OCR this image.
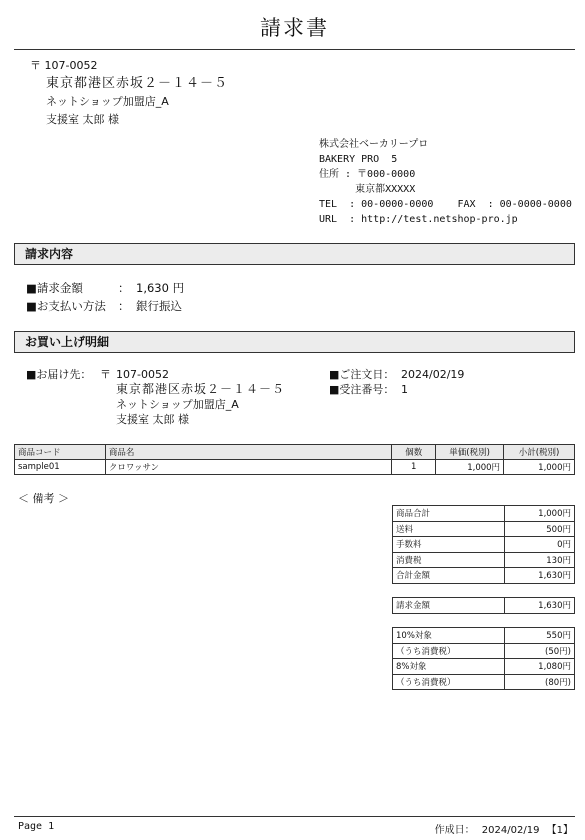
請求書
〒 107-0052
東京都港区赤坂２－１４－５
ネットショップ加盟店_A
支援室 太郎 様
株式会社ベーカリープロ
BAKERY PRO  5
住所 : 〒000-0000
東京都XXXXX
TEL  : 00-0000-0000    FAX  : 00-0000-0000
URL  : http://test.netshop-pro.jp
請求内容
■請求金額	： 1,630 円
■お支払い方法	： 銀行振込
お買い上げ明細
■お届け先： 〒 107-0052
東京都港区赤坂２－１４－５
ネットショップ加盟店_A
支援室 太郎 様
■ご注文日： 2024/02/19
■受注番号： 1
商品コード	商品名	個数	単価(税別)	小計(税別)
sample01	クロワッサン	1	1,000円	1,000円
＜ 備考 ＞
商品合計	1,000円
送料	500円
手数料	0円
消費税	130円
合計金額	1,630円
請求金額	1,630円
10%対象	550円
（うち消費税）	(50円)
8%対象	1,080円
（うち消費税）	(80円)
Page 1	作成日： 2024/02/19 【1】
